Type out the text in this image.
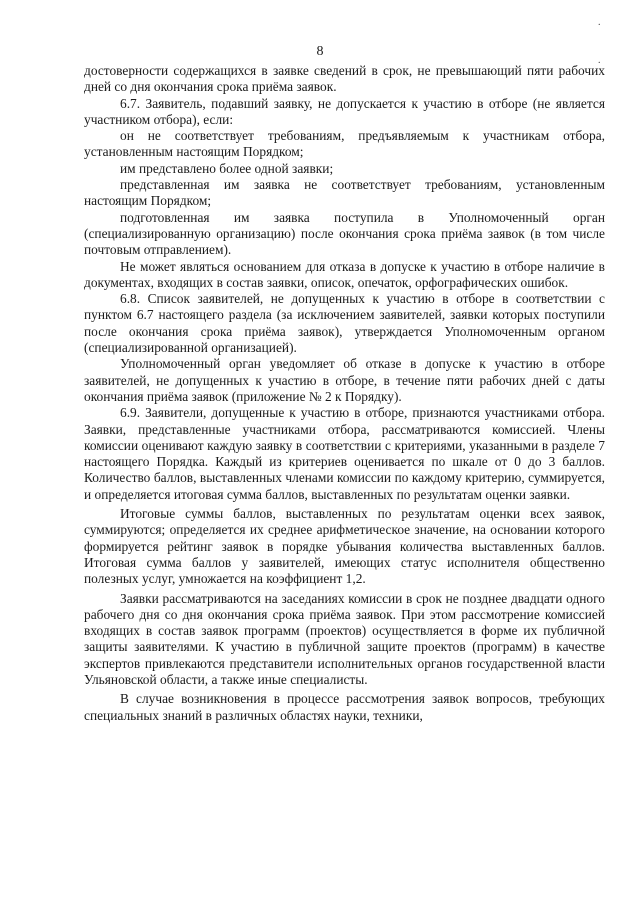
.
.
8

достоверности содержащихся в заявке сведений в срок, не превышающий пяти рабочих дней со дня окончания срока приёма заявок.

6.7. Заявитель, подавший заявку, не допускается к участию в отборе (не является участником отбора), если:

он не соответствует требованиям, предъявляемым к участникам отбора, установленным настоящим Порядком;

им представлено более одной заявки;

представленная им заявка не соответствует требованиям, установленным настоящим Порядком;

подготовленная им заявка поступила в Уполномоченный орган (специализированную организацию) после окончания срока приёма заявок (в том числе почтовым отправлением).

Не может являться основанием для отказа в допуске к участию в отборе наличие в документах, входящих в состав заявки, описок, опечаток, орфографических ошибок.

6.8. Список заявителей, не допущенных к участию в отборе в соответствии с пунктом 6.7 настоящего раздела (за исключением заявителей, заявки которых поступили после окончания срока приёма заявок), утверждается Уполномоченным органом (специализированной организацией).

Уполномоченный орган уведомляет об отказе в допуске к участию в отборе заявителей, не допущенных к участию в отборе, в течение пяти рабочих дней с даты окончания приёма заявок (приложение № 2 к Порядку).

6.9. Заявители, допущенные к участию в отборе, признаются участниками отбора. Заявки, представленные участниками отбора, рассматриваются комиссией. Члены комиссии оценивают каждую заявку в соответствии с критериями, указанными в разделе 7 настоящего Порядка. Каждый из критериев оценивается по шкале от 0 до 3 баллов. Количество баллов, выставленных членами комиссии по каждому критерию, суммируется, и определяется итоговая сумма баллов, выставленных по результатам оценки заявки.

Итоговые суммы баллов, выставленных по результатам оценки всех заявок, суммируются; определяется их среднее арифметическое значение, на основании которого формируется рейтинг заявок в порядке убывания количества выставленных баллов. Итоговая сумма баллов у заявителей, имеющих статус исполнителя общественно полезных услуг, умножается на коэффициент 1,2.

Заявки рассматриваются на заседаниях комиссии в срок не позднее двадцати одного рабочего дня со дня окончания срока приёма заявок. При этом рассмотрение комиссией входящих в состав заявок программ (проектов) осуществляется в форме их публичной защиты заявителями. К участию в публичной защите проектов (программ) в качестве экспертов привлекаются представители исполнительных органов государственной власти Ульяновской области, а также иные специалисты.

В случае возникновения в процессе рассмотрения заявок вопросов, требующих специальных знаний в различных областях науки, техники,
